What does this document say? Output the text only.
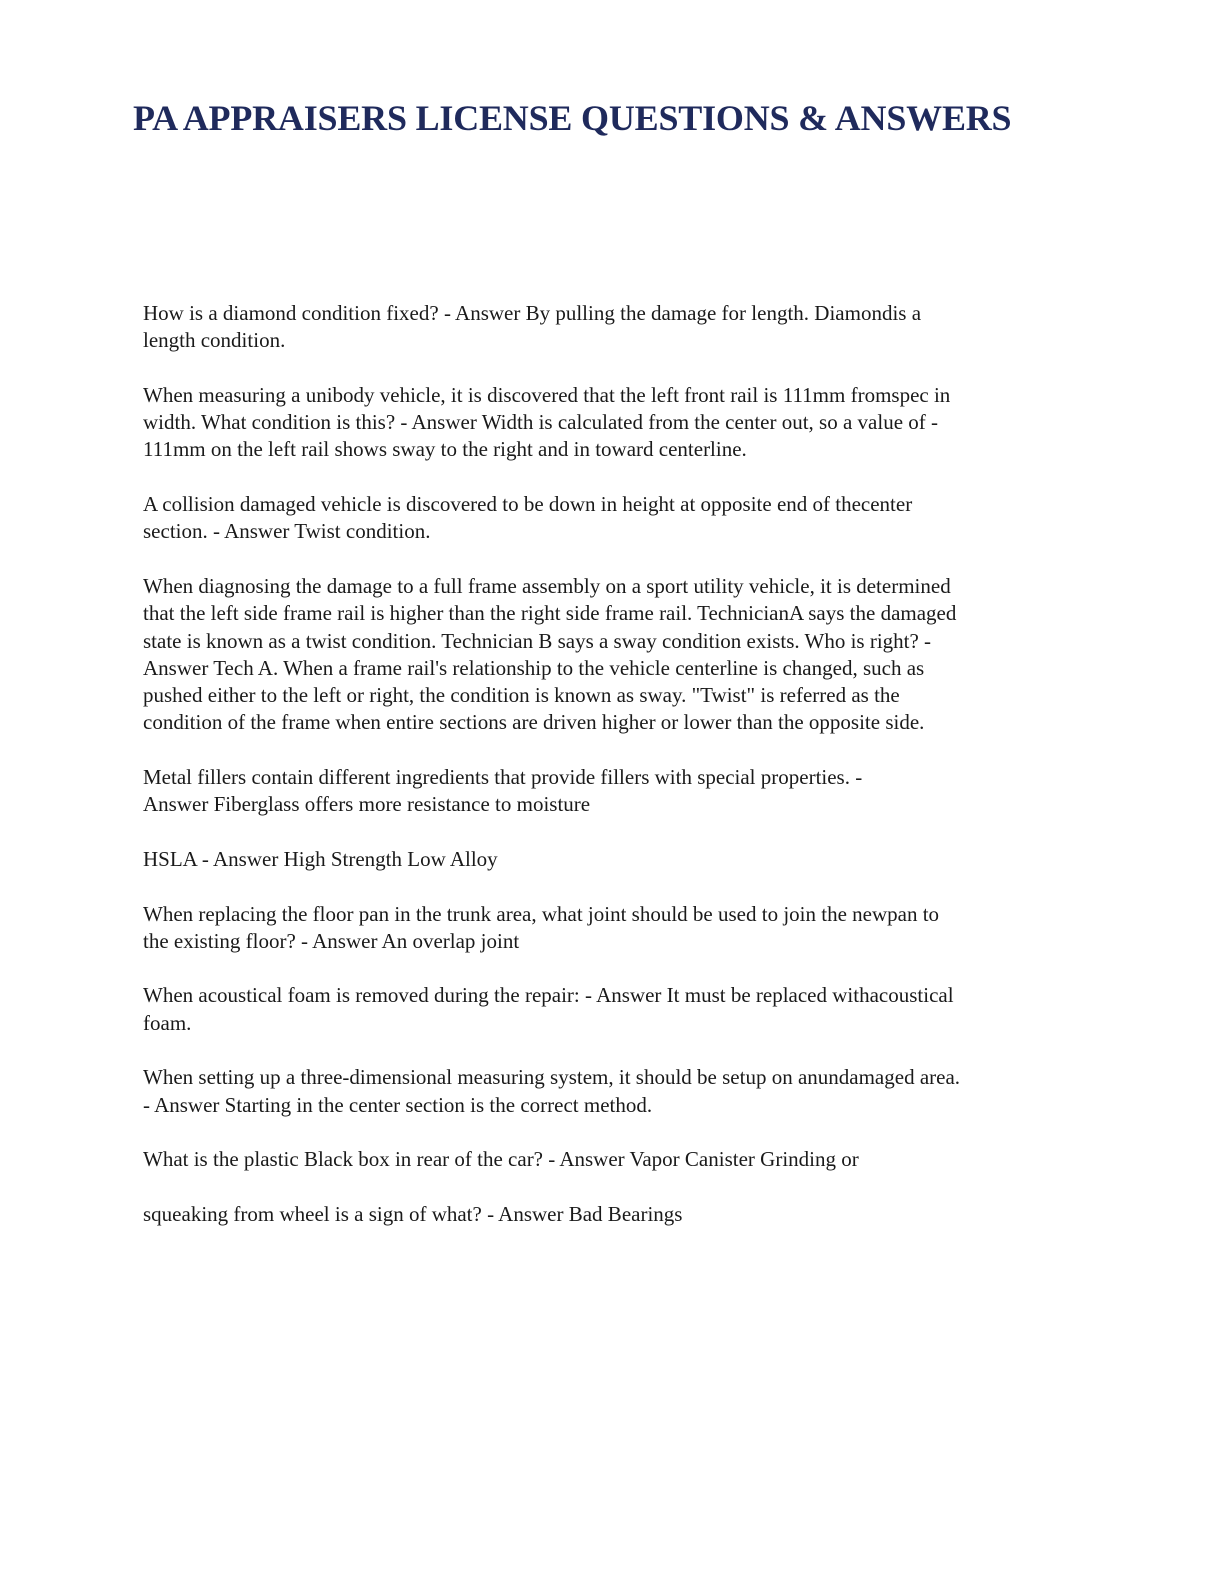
PA APPRAISERS LICENSE QUESTIONS & ANSWERS

How is a diamond condition fixed? - Answer By pulling the damage for length. Diamondis a
length condition.

When measuring a unibody vehicle, it is discovered that the left front rail is 111mm fromspec in
width. What condition is this? - Answer Width is calculated from the center out, so a value of -
111mm on the left rail shows sway to the right and in toward centerline.

A collision damaged vehicle is discovered to be down in height at opposite end of thecenter
section. - Answer Twist condition.

When diagnosing the damage to a full frame assembly on a sport utility vehicle, it is determined
that the left side frame rail is higher than the right side frame rail. TechnicianA says the damaged
state is known as a twist condition. Technician B says a sway condition exists. Who is right? -
Answer Tech A. When a frame rail's relationship to the vehicle centerline is changed, such as
pushed either to the left or right, the condition is known as sway. "Twist" is referred as the
condition of the frame when entire sections are driven higher or lower than the opposite side.

Metal fillers contain different ingredients that provide fillers with special properties. -
Answer Fiberglass offers more resistance to moisture

HSLA - Answer High Strength Low Alloy

When replacing the floor pan in the trunk area, what joint should be used to join the newpan to
the existing floor? - Answer An overlap joint

When acoustical foam is removed during the repair: - Answer It must be replaced withacoustical
foam.

When setting up a three-dimensional measuring system, it should be setup on anundamaged area.
- Answer Starting in the center section is the correct method.

What is the plastic Black box in rear of the car? - Answer Vapor Canister Grinding or

squeaking from wheel is a sign of what? - Answer Bad Bearings
